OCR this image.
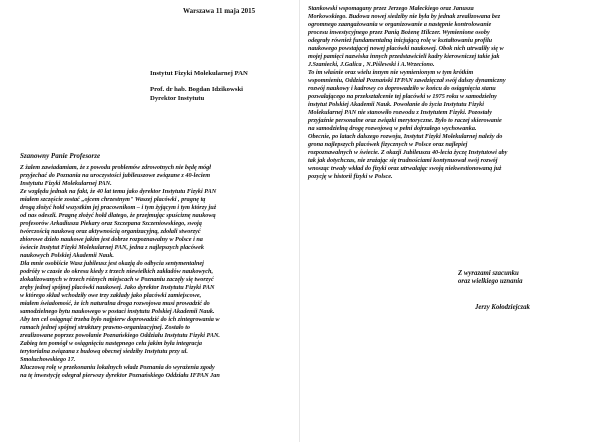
Warszawa 11 maja 2015

Instytut Fizyki Molekularnej PAN

Prof. dr hab. Bogdan Idzikowski

Dyrektor Instytutu

Szanowny Panie Profesorze

Z żalem zawiadamiam, że z powodu problemów zdrowotnych nie będę mógł

przyjechać do Poznania na uroczystości jubileuszowe związane z 40-leciem

Instytutu Fizyki Molekularnej PAN.

Ze względu jednak na fakt, że 40 lat temu jako dyrektor Instytutu Fizyki PAN

miałem szczęście zostać „ojcem chrzestnym" Waszej placówki , pragnę tą

drogą złożyć hołd wszystkim jej pracownikom – i tym żyjącym i tym którzy już

od nas odeszli. Pragnę złożyć hołd dlatego, że przejmując spuściznę naukową

profesorów Arkadiusza Piekary oraz Szczepana Szczeniowskiego, swoją

twórczością naukową oraz aktywnością organizacyjną, zdołali stworzyć

zbiorowe dzieło naukowe jakim jest dobrze rozpoznawalny w Polsce i na

świecie Instytut Fizyki Molekularnej PAN, jedna z najlepszych placówek

naukowych Polskiej Akademii Nauk.

Dla mnie osobiście Wasz jubileusz jest okazją do odbycia sentymentalnej

podróży w czasie do okresu kiedy z trzech niewielkich zakładów naukowych,

zlokalizowanych w trzech różnych miejscach w Poznaniu zaczęły się tworzyć

zręby jednej spójnej placówki naukowej. Jako dyrektor Instytutu Fizyki PAN

w którego skład wchodziły owe trzy zakłady jako placówki zamiejscowe,

miałem świadomość, że ich naturalna droga rozwojowa musi prowadzić do

samodzielnego bytu naukowego w postaci instytutu Polskiej Akademii Nauk.

Aby ten cel osiągnąć trzeba było najpierw doprowadzić do ich zintegrowania w

ramach jednej spójnej struktury prawno-organizacyjnej. Zostało to

zrealizowane poprzez powołanie Poznańskiego Oddziału Instytutu Fizyki PAN.

Zabieg ten pomógł w osiągnięciu następnego celu jakim była integracja

terytorialna związana z budową obecnej siedziby Instytutu przy ul.

Smoluchowskiego 17.

Kluczową rolę w przekonaniu lokalnych władz Poznania do wyrażenia zgody

na tę inwestycję odegrał pierwszy dyrektor Poznańskiego Oddziału IFPAN Jan

Stankowski wspomagany przez Jerzego Małeckiego oraz Janusza

Morkowskiego. Budowa nowej siedziby nie była by jednak zrealizowana bez

ogromnego zaangażowania w organizowanie a następnie kontrolowanie

procesu inwestycyjnego przez Panią Bożenę Hilczer. Wymienione osoby

odegrały również fundamentalną inicjującą rolę w kształtowaniu profilu

naukowego powstającej nowej placówki naukowej. Obok nich utrwaliły się w

mojej pamięci nazwiska innych przedstawicieli kadry kierowniczej takie jak

J.Szaniecki, J.Galica , N.Piślewski i A.Wrzeciono.

To im właśnie oraz wielu innym nie wymienionym w tym krótkim

wspomnieniu, Oddział Poznański IFPAN zawdzięczał swój dalszy dynamiczny

rozwój naukowy i kadrowy co doprowadziło w końcu do osiągnięcia stanu

pozwalającego na przekształcenie tej placówki w 1975 roku w samodzielny

instytut Polskiej Akademii Nauk. Powołanie do życia Instytutu Fizyki

Molekularnej PAN nie stanowiło rozwodu z Instytutem Fizyki. Pozostały

przyjaźnie personalne oraz związki merytoryczne. Było to raczej skierowanie

na samodzielną drogę rozwojową w pełni dojrzałego wychowanka.

Obecnie, po latach dalszego rozwoju, Instytut Fizyki Molekularnej należy do

grona najlepszych placówek fizycznych w Polsce oraz najlepiej

rozpoznawalnych w świecie. Z okazji Jubileuszu 40-lecia życzę Instytutowi aby

tak jak dotychczas, nie zrażając się trudnościami kontynuował swój rozwój

wnosząc trwały wkład do fizyki oraz utrwalając swoją niekwestionowaną już

pozycję w historii fizyki w Polsce.

Z wyrazami szacunku

oraz wielkiego uznania

Jerzy Kołodziejczak
